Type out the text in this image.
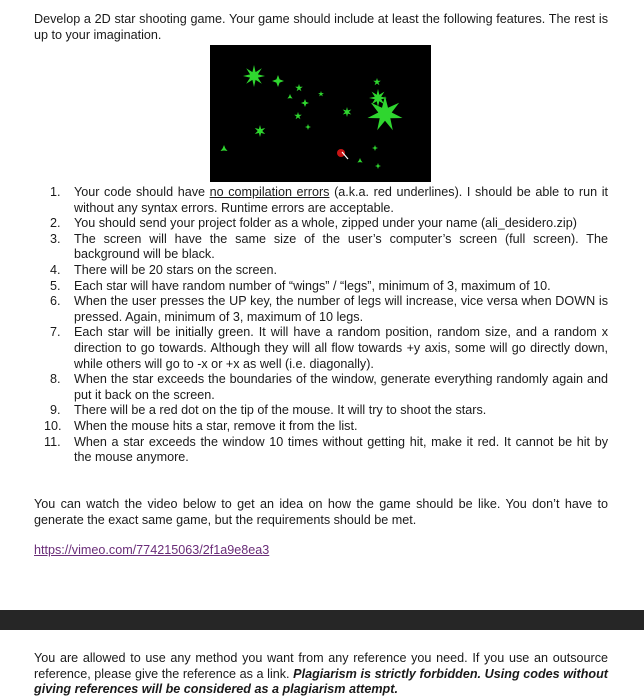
Develop a 2D star shooting game. Your game should include at least the following features. The rest is up to your imagination.
1.	Your code should have no compilation errors (a.k.a. red underlines). I should be able to run it without any syntax errors. Runtime errors are acceptable.
2.	You should send your project folder as a whole, zipped under your name (ali_desidero.zip)
3.	The screen will have the same size of the user’s computer’s screen (full screen). The background will be black.
4.	There will be 20 stars on the screen.
5.	Each star will have random number of “wings” / “legs”, minimum of 3, maximum of 10.
6.	When the user presses the UP key, the number of legs will increase, vice versa when DOWN is pressed. Again, minimum of 3, maximum of 10 legs.
7.	Each star will be initially green. It will have a random position, random size, and a random x direction to go towards. Although they will all flow towards +y axis, some will go directly down, while others will go to -x or +x as well (i.e. diagonally).
8.	When the star exceeds the boundaries of the window, generate everything randomly again and put it back on the screen.
9.	There will be a red dot on the tip of the mouse. It will try to shoot the stars.
10. When the mouse hits a star, remove it from the list.
11.	When a star exceeds the window 10 times without getting hit, make it red. It cannot be hit by the mouse anymore.
You can watch the video below to get an idea on how the game should be like. You don’t have to generate the exact same game, but the requirements should be met.
https://vimeo.com/774215063/2f1a9e8ea3
You are allowed to use any method you want from any reference you need. If you use an outsource reference, please give the reference as a link. Plagiarism is strictly forbidden. Using codes without giving references will be considered as a plagiarism attempt.
